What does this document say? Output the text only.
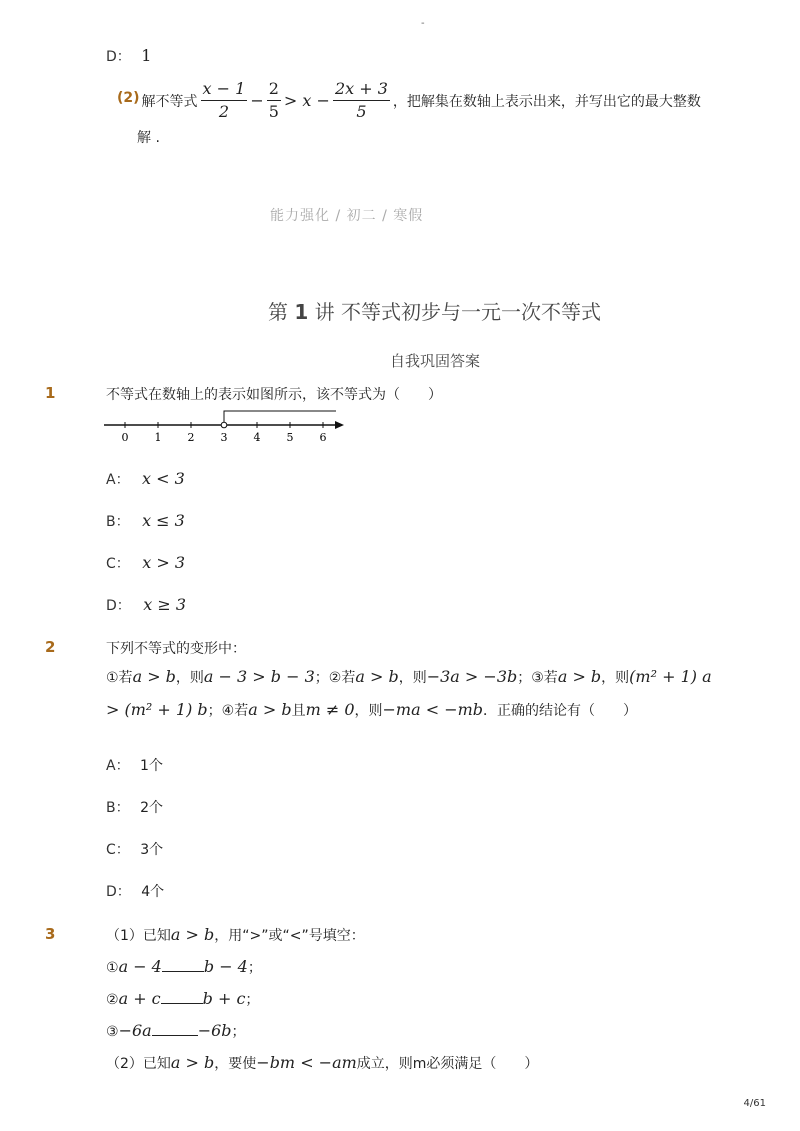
-
D： 1
(2) 解不等式 $\frac{x - 1}{2} - \frac{2}{5} > x - \frac{2x + 3}{5}$ ，把解集在数轴上表示出来，并写出它的最大整数
解 .
能力强化 / 初二 / 寒假
第 1 讲 不等式初步与一元一次不等式
自我巩固答案
1	不等式在数轴上的表示如图所示，该不等式为（　　）
0 1 2 3 4 5 6
A： x < 3
B： x ≤ 3
C： x > 3
D： x ≥ 3
2	下列不等式的变形中：
①若a > b，则a − 3 > b − 3；②若a > b，则−3a > −3b；③若a > b，则(m² + 1) a
> (m² + 1) b；④若a > b且m ≠ 0，则−ma < −mb．正确的结论有（　　）
A： 1个
B： 2个
C： 3个
D： 4个
3	（1）已知a > b，用“>”或“<”号填空：
①a − 4	b − 4；
②a + c	b + c；
③−6a	−6b；
（2）已知a > b，要使−bm < −am成立，则m必须满足（　　）
4/61
